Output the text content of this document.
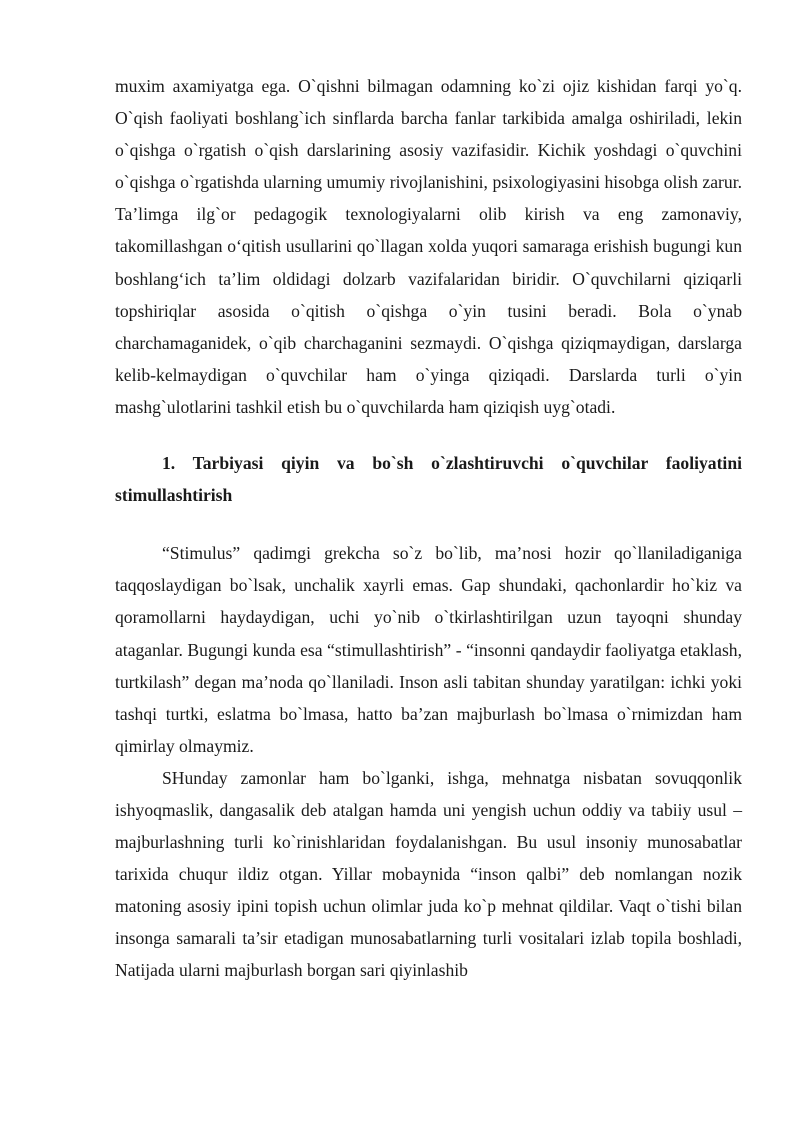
muxim axamiyatga ega. O`qishni bilmagan odamning ko`zi ojiz kishidan farqi yo`q. O`qish faoliyati boshlang`ich sinflarda barcha fanlar tarkibida amalga oshiriladi, lekin o`qishga o`rgatish o`qish darslarining asosiy vazifasidir. Kichik yoshdagi o`quvchini o`qishga o`rgatishda ularning umumiy rivojlanishini, psixologiyasini hisobga olish zarur. Ta’limga ilg`or pedagogik texnologiyalarni olib kirish va eng zamonaviy, takomillashgan o‘qitish usullarini qo`llagan xolda yuqori samaraga erishish bugungi kun boshlang‘ich ta’lim oldidagi dolzarb vazifalaridan biridir. O`quvchilarni qiziqarli topshiriqlar asosida o`qitish o`qishga o`yin tusini beradi. Bola o`ynab charchamaganidek, o`qib charchaganini sezmaydi. O`qishga qiziqmaydigan, darslarga kelib-kelmaydigan o`quvchilar ham o`yinga qiziqadi. Darslarda turli o`yin mashg`ulotlarini tashkil etish bu o`quvchilarda ham qiziqish uyg`otadi.

1. Tarbiyasi qiyin va bo`sh o`zlashtiruvchi o`quvchilar faoliyatini stimullashtirish

“Stimulus” qadimgi grekcha so`z bo`lib, ma’nosi hozir qo`llaniladiganiga taqqoslaydigan bo`lsak, unchalik xayrli emas. Gap shundaki, qachonlardir ho`kiz va qoramollarni haydaydigan, uchi yo`nib o`tkirlashtirilgan uzun tayoqni shunday ataganlar. Bugungi kunda esa “stimullashtirish” - “insonni qandaydir faoliyatga etaklash, turtkilash” degan ma’noda qo`llaniladi. Inson asli tabitan shunday yaratilgan: ichki yoki tashqi turtki, eslatma bo`lmasa, hatto ba’zan majburlash bo`lmasa o`rnimizdan ham qimirlay olmaymiz.

SHunday zamonlar ham bo`lganki, ishga, mehnatga nisbatan sovuqqonlik ishyoqmaslik, dangasalik deb atalgan hamda uni yengish uchun oddiy va tabiiy usul – majburlashning turli ko`rinishlaridan foydalanishgan. Bu usul insoniy munosabatlar tarixida chuqur ildiz otgan. Yillar mobaynida “inson qalbi” deb nomlangan nozik matoning asosiy ipini topish uchun olimlar juda ko`p mehnat qildilar. Vaqt o`tishi bilan insonga samarali ta’sir etadigan munosabatlarning turli vositalari izlab topila boshladi, Natijada ularni majburlash borgan sari qiyinlashib
